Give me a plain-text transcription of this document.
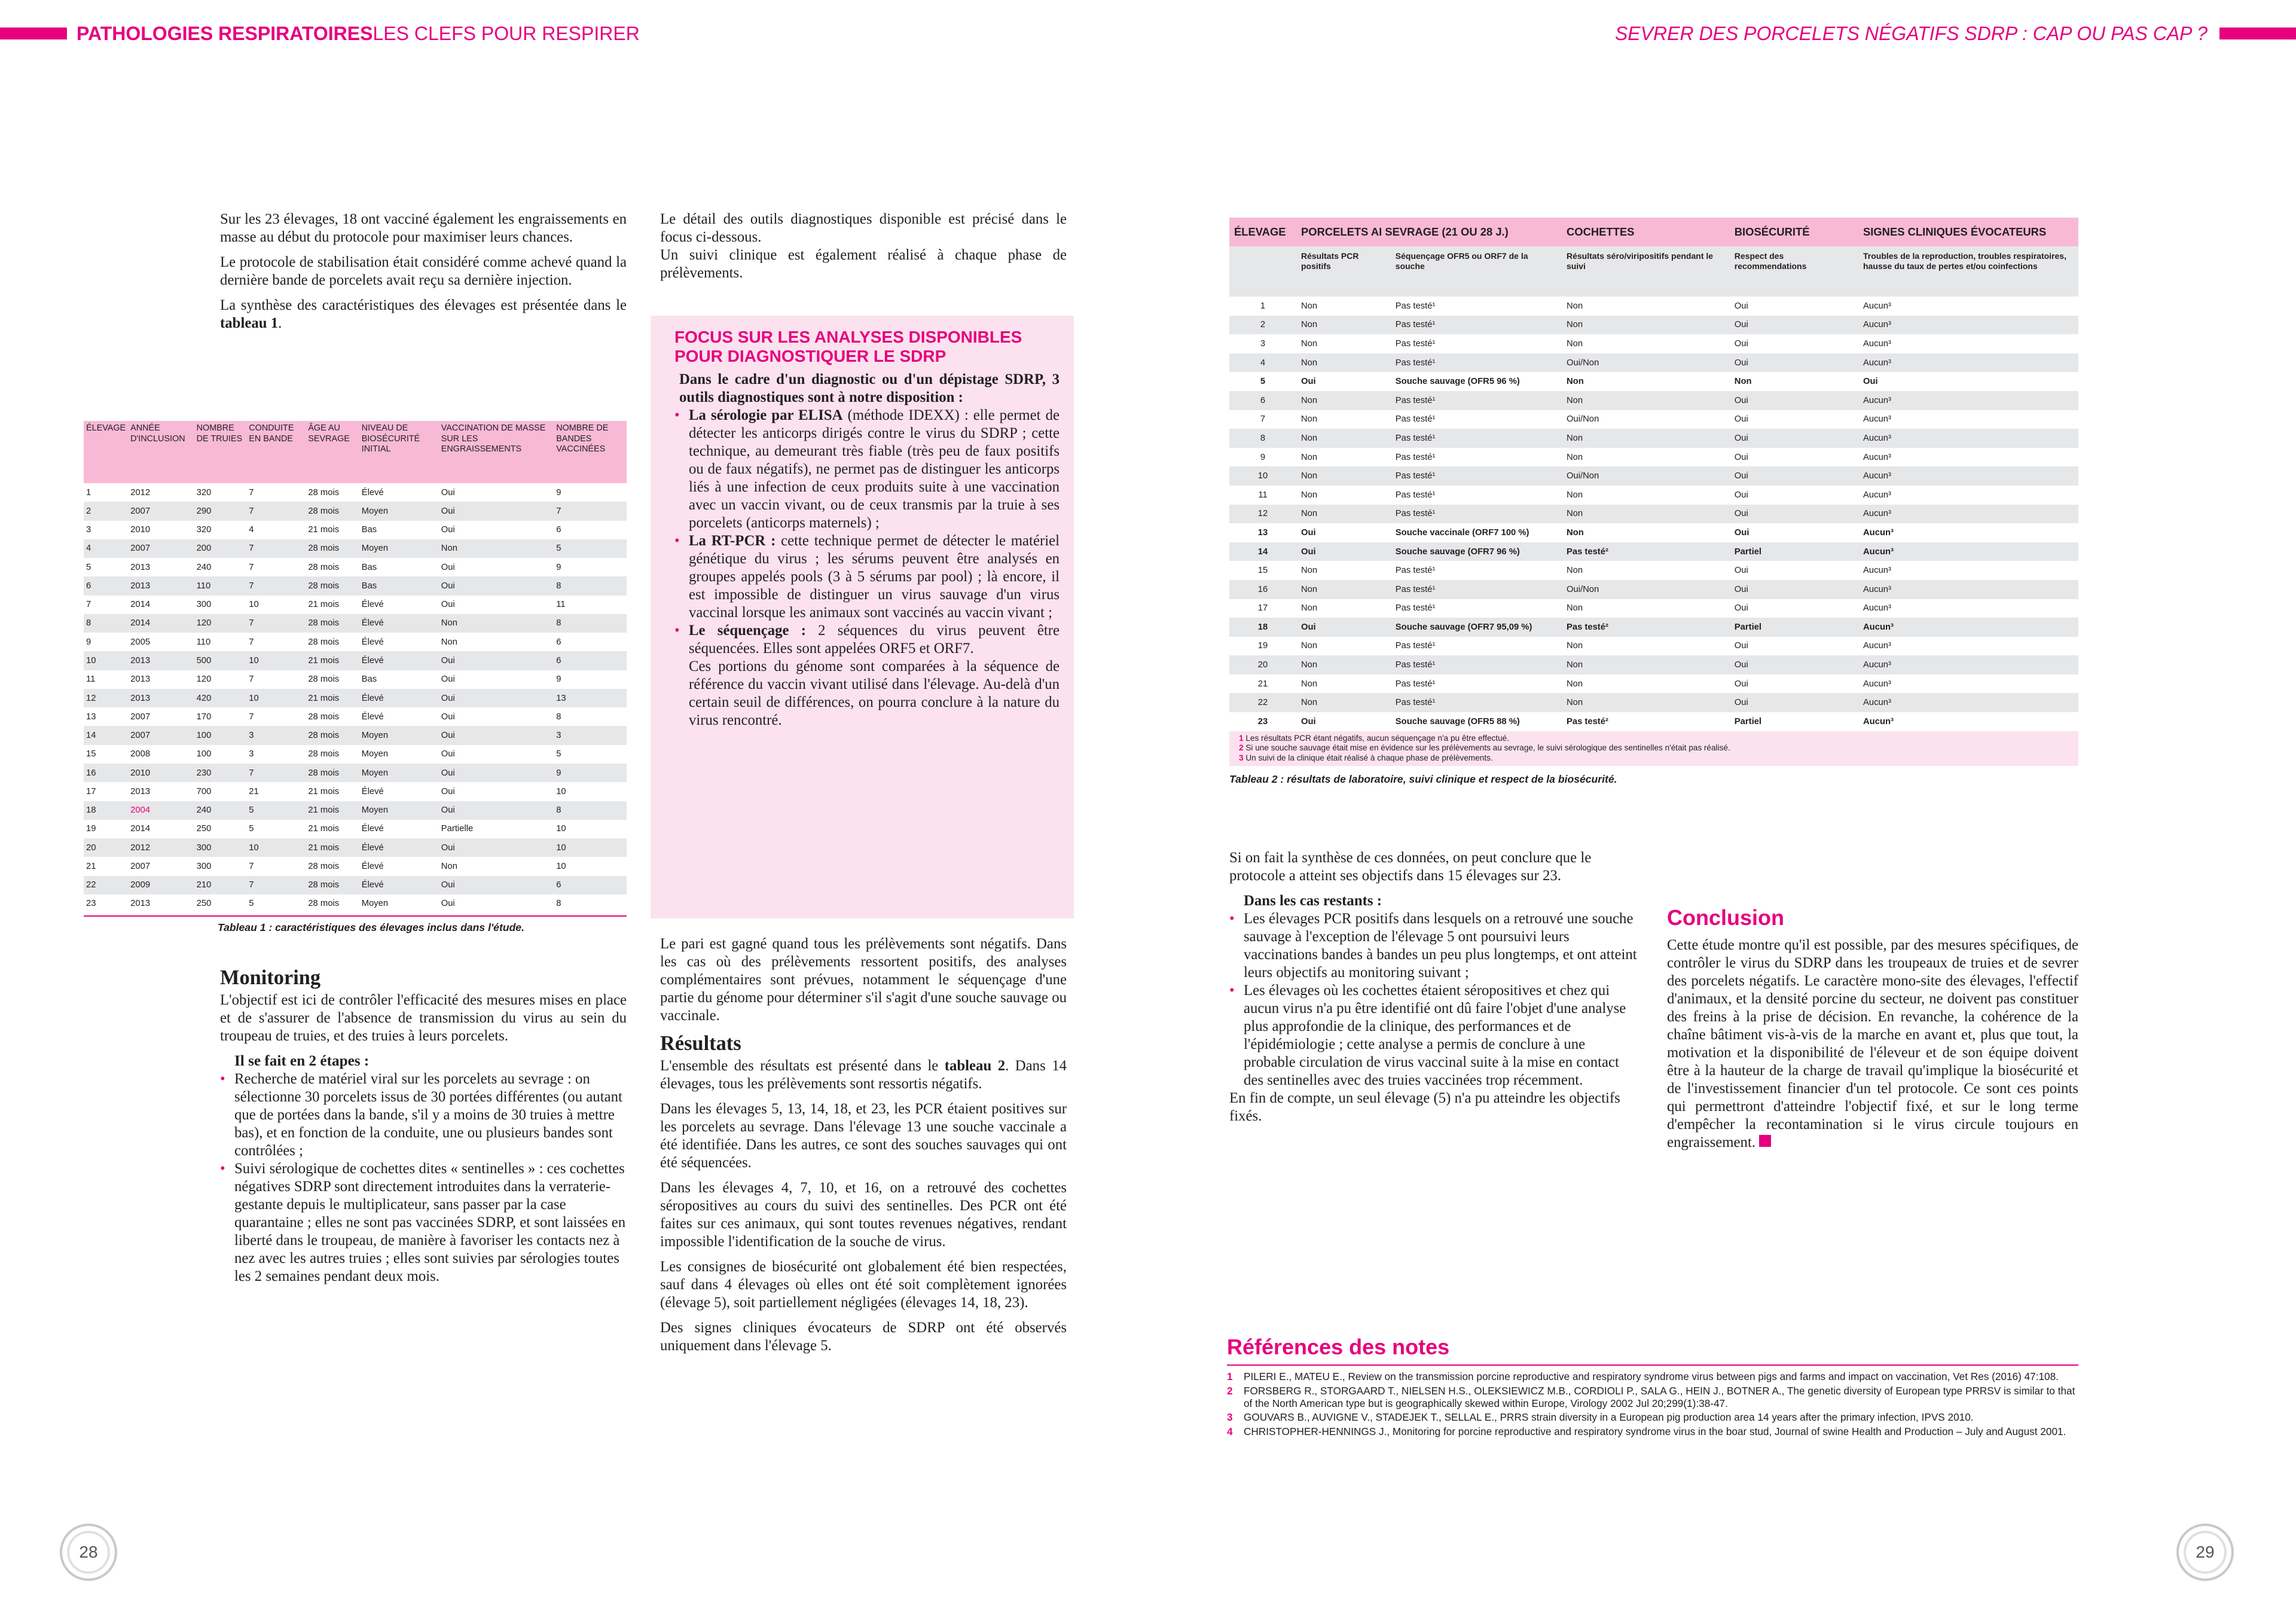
PATHOLOGIES RESPIRATOIRES LES CLEFS POUR RESPIRER	SEVRER DES PORCELETS NÉGATIFS SDRP : CAP OU PAS CAP ?

Sur les 23 élevages, 18 ont vacciné également les engraissements en masse au début du protocole pour maximiser leurs chances.

Le protocole de stabilisation était considéré comme achevé quand la dernière bande de porcelets avait reçu sa dernière injection.

La synthèse des caractéristiques des élevages est présentée dans le tableau 1.

ÉLEVAGE	ANNÉE D'INCLUSION	NOMBRE DE TRUIES	CONDUITE EN BANDE	ÂGE AU SEVRAGE	NIVEAU DE BIOSÉCURITÉ INITIAL	VACCINATION DE MASSE SUR LES ENGRAISSEMENTS	NOMBRE DE BANDES VACCINÉES
1	2012	320	7	28 mois	Élevé	Oui	9
2	2007	290	7	28 mois	Moyen	Oui	7
3	2010	320	4	21 mois	Bas	Oui	6
4	2007	200	7	28 mois	Moyen	Non	5
5	2013	240	7	28 mois	Bas	Oui	9
6	2013	110	7	28 mois	Bas	Oui	8
7	2014	300	10	21 mois	Élevé	Oui	11
8	2014	120	7	28 mois	Élevé	Non	8
9	2005	110	7	28 mois	Élevé	Non	6
10	2013	500	10	21 mois	Élevé	Oui	6
11	2013	120	7	28 mois	Bas	Oui	9
12	2013	420	10	21 mois	Élevé	Oui	13
13	2007	170	7	28 mois	Élevé	Oui	8
14	2007	100	3	28 mois	Moyen	Oui	3
15	2008	100	3	28 mois	Moyen	Oui	5
16	2010	230	7	28 mois	Moyen	Oui	9
17	2013	700	21	21 mois	Élevé	Oui	10
18	2004	240	5	21 mois	Moyen	Oui	8
19	2014	250	5	21 mois	Élevé	Partielle	10
20	2012	300	10	21 mois	Élevé	Oui	10
21	2007	300	7	28 mois	Élevé	Non	10
22	2009	210	7	28 mois	Élevé	Oui	6
23	2013	250	5	28 mois	Moyen	Oui	8
Tableau 1 : caractéristiques des élevages inclus dans l'étude.
Monitoring

L'objectif est ici de contrôler l'efficacité des mesures mises en place et de s'assurer de l'absence de transmission du virus au sein du troupeau de truies, et des truies à leurs porcelets.

Il se fait en 2 étapes :
• Recherche de matériel viral sur les porcelets au sevrage : on sélectionne 30 porcelets issus de 30 portées différentes (ou autant que de portées dans la bande, s'il y a moins de 30 truies à mettre bas), et en fonction de la conduite, une ou plusieurs bandes sont contrôlées ;
• Suivi sérologique de cochettes dites « sentinelles » : ces cochettes négatives SDRP sont directement introduites dans la verraterie-gestante depuis le multiplicateur, sans passer par la case quarantaine ; elles ne sont pas vaccinées SDRP, et sont laissées en liberté dans le troupeau, de manière à favoriser les contacts nez à nez avec les autres truies ; elles sont suivies par sérologies toutes les 2 semaines pendant deux mois.

Le détail des outils diagnostiques disponible est précisé dans le focus ci-dessous.

Un suivi clinique est également réalisé à chaque phase de prélèvements.

FOCUS SUR LES ANALYSES DISPONIBLES
POUR DIAGNOSTIQUER LE SDRP
Dans le cadre d'un diagnostic ou d'un dépistage SDRP, 3 outils diagnostiques sont à notre disposition :
• La sérologie par ELISA (méthode IDEXX) : elle permet de détecter les anticorps dirigés contre le virus du SDRP ; cette technique, au demeurant très fiable (très peu de faux positifs ou de faux négatifs), ne permet pas de distinguer les anticorps liés à une infection de ceux produits suite à une vaccination avec un vaccin vivant, ou de ceux transmis par la truie à ses porcelets (anticorps maternels) ;
• La RT-PCR : cette technique permet de détecter le matériel génétique du virus ; les sérums peuvent être analysés en groupes appelés pools (3 à 5 sérums par pool) ; là encore, il est impossible de distinguer un virus sauvage d'un virus vaccinal lorsque les animaux sont vaccinés au vaccin vivant ;
• Le séquençage : 2 séquences du virus peuvent être séquencées. Elles sont appelées ORF5 et ORF7.
Ces portions du génome sont comparées à la séquence de référence du vaccin vivant utilisé dans l'élevage. Au-delà d'un certain seuil de différences, on pourra conclure à la nature du virus rencontré.

Le pari est gagné quand tous les prélèvements sont négatifs. Dans les cas où des prélèvements ressortent positifs, des analyses complémentaires sont prévues, notamment le séquençage d'une partie du génome pour déterminer s'il s'agit d'une souche sauvage ou vaccinale.

Résultats

L'ensemble des résultats est présenté dans le tableau 2. Dans 14 élevages, tous les prélèvements sont ressortis négatifs.

Dans les élevages 5, 13, 14, 18, et 23, les PCR étaient positives sur les porcelets au sevrage. Dans l'élevage 13 une souche vaccinale a été identifiée. Dans les autres, ce sont des souches sauvages qui ont été séquencées.

Dans les élevages 4, 7, 10, et 16, on a retrouvé des cochettes séropositives au cours du suivi des sentinelles. Des PCR ont été faites sur ces animaux, qui sont toutes revenues négatives, rendant impossible l'identification de la souche de virus.

Les consignes de biosécurité ont globalement été bien respectées, sauf dans 4 élevages où elles ont été soit complètement ignorées (élevage 5), soit partiellement négligées (élevages 14, 18, 23).

Des signes cliniques évocateurs de SDRP ont été observés uniquement dans l'élevage 5.

ÉLEVAGE	PORCELETS AI SEVRAGE (21 OU 28 J.)		COCHETTES	BIOSÉCURITÉ	SIGNES CLINIQUES ÉVOCATEURS
	Résultats PCR positifs	Séquençage OFR5 ou ORF7 de la souche	Résultats séro/viripositifs pendant le suivi	Respect des recommendations	Troubles de la reproduction, troubles respiratoires, hausse du taux de pertes et/ou coinfections
1	Non	Pas testé¹	Non	Oui	Aucun³
2	Non	Pas testé¹	Non	Oui	Aucun³
3	Non	Pas testé¹	Non	Oui	Aucun³
4	Non	Pas testé¹	Oui/Non	Oui	Aucun³
5	Oui	Souche sauvage (OFR5 96 %)	Non	Non	Oui
6	Non	Pas testé¹	Non	Oui	Aucun³
7	Non	Pas testé¹	Oui/Non	Oui	Aucun³
8	Non	Pas testé¹	Non	Oui	Aucun³
9	Non	Pas testé¹	Non	Oui	Aucun³
10	Non	Pas testé¹	Oui/Non	Oui	Aucun³
11	Non	Pas testé¹	Non	Oui	Aucun³
12	Non	Pas testé¹	Non	Oui	Aucun³
13	Oui	Souche vaccinale (ORF7 100 %)	Non	Oui	Aucun³
14	Oui	Souche sauvage (OFR7 96 %)	Pas testé²	Partiel	Aucun³
15	Non	Pas testé¹	Non	Oui	Aucun³
16	Non	Pas testé¹	Oui/Non	Oui	Aucun³
17	Non	Pas testé¹	Non	Oui	Aucun³
18	Oui	Souche sauvage (OFR7 95,09 %)	Pas testé²	Partiel	Aucun³
19	Non	Pas testé¹	Non	Oui	Aucun³
20	Non	Pas testé¹	Non	Oui	Aucun³
21	Non	Pas testé¹	Non	Oui	Aucun³
22	Non	Pas testé¹	Non	Oui	Aucun³
23	Oui	Souche sauvage (OFR5 88 %)	Pas testé²	Partiel	Aucun³
1 Les résultats PCR étant négatifs, aucun séquençage n'a pu être effectué.
2 Si une souche sauvage était mise en évidence sur les prélèvements au sevrage, le suivi sérologique des sentinelles n'était pas réalisé.
3 Un suivi de la clinique était réalisé à chaque phase de prélèvements.
Tableau 2 : résultats de laboratoire, suivi clinique et respect de la biosécurité.

Si on fait la synthèse de ces données, on peut conclure que le protocole a atteint ses objectifs dans 15 élevages sur 23.

Dans les cas restants :
• Les élevages PCR positifs dans lesquels on a retrouvé une souche sauvage à l'exception de l'élevage 5 ont poursuivi leurs vaccinations bandes à bandes un peu plus longtemps, et ont atteint leurs objectifs au monitoring suivant ;
• Les élevages où les cochettes étaient séropositives et chez qui aucun virus n'a pu être identifié ont dû faire l'objet d'une analyse plus approfondie de la clinique, des performances et de l'épidémiologie ; cette analyse a permis de conclure à une probable circulation de virus vaccinal suite à la mise en contact des sentinelles avec des truies vaccinées trop récemment.

En fin de compte, un seul élevage (5) n'a pu atteindre les objectifs fixés.

Conclusion

Cette étude montre qu'il est possible, par des mesures spécifiques, de contrôler le virus du SDRP dans les troupeaux de truies et de sevrer des porcelets négatifs. Le caractère mono-site des élevages, l'effectif d'animaux, et la densité porcine du secteur, ne doivent pas constituer des freins à la prise de décision. En revanche, la cohérence de la chaîne bâtiment vis-à-vis de la marche en avant et, plus que tout, la motivation et la disponibilité de l'éleveur et de son équipe doivent être à la hauteur de la charge de travail qu'implique la biosécurité et de l'investissement financier d'un tel protocole. Ce sont ces points qui permettront d'atteindre l'objectif fixé, et sur le long terme d'empêcher la recontamination si le virus circule toujours en engraissement.

Références des notes
1	PILERI E., MATEU E., Review on the transmission porcine reproductive and respiratory syndrome virus between pigs and farms and impact on vaccination, Vet Res (2016) 47:108.
2	FORSBERG R., STORGAARD T., NIELSEN H.S., OLEKSIEWICZ M.B., CORDIOLI P., SALA G., HEIN J., BOTNER A., The genetic diversity of European type PRRSV is similar to that of the North American type but is geographically skewed within Europe, Virology 2002 Jul 20;299(1):38-47.
3	GOUVARS B., AUVIGNE V., STADEJEK T., SELLAL E., PRRS strain diversity in a European pig production area 14 years after the primary infection, IPVS 2010.
4	CHRISTOPHER-HENNINGS J., Monitoring for porcine reproductive and respiratory syndrome virus in the boar stud, Journal of swine Health and Production – July and August 2001.
28	29
